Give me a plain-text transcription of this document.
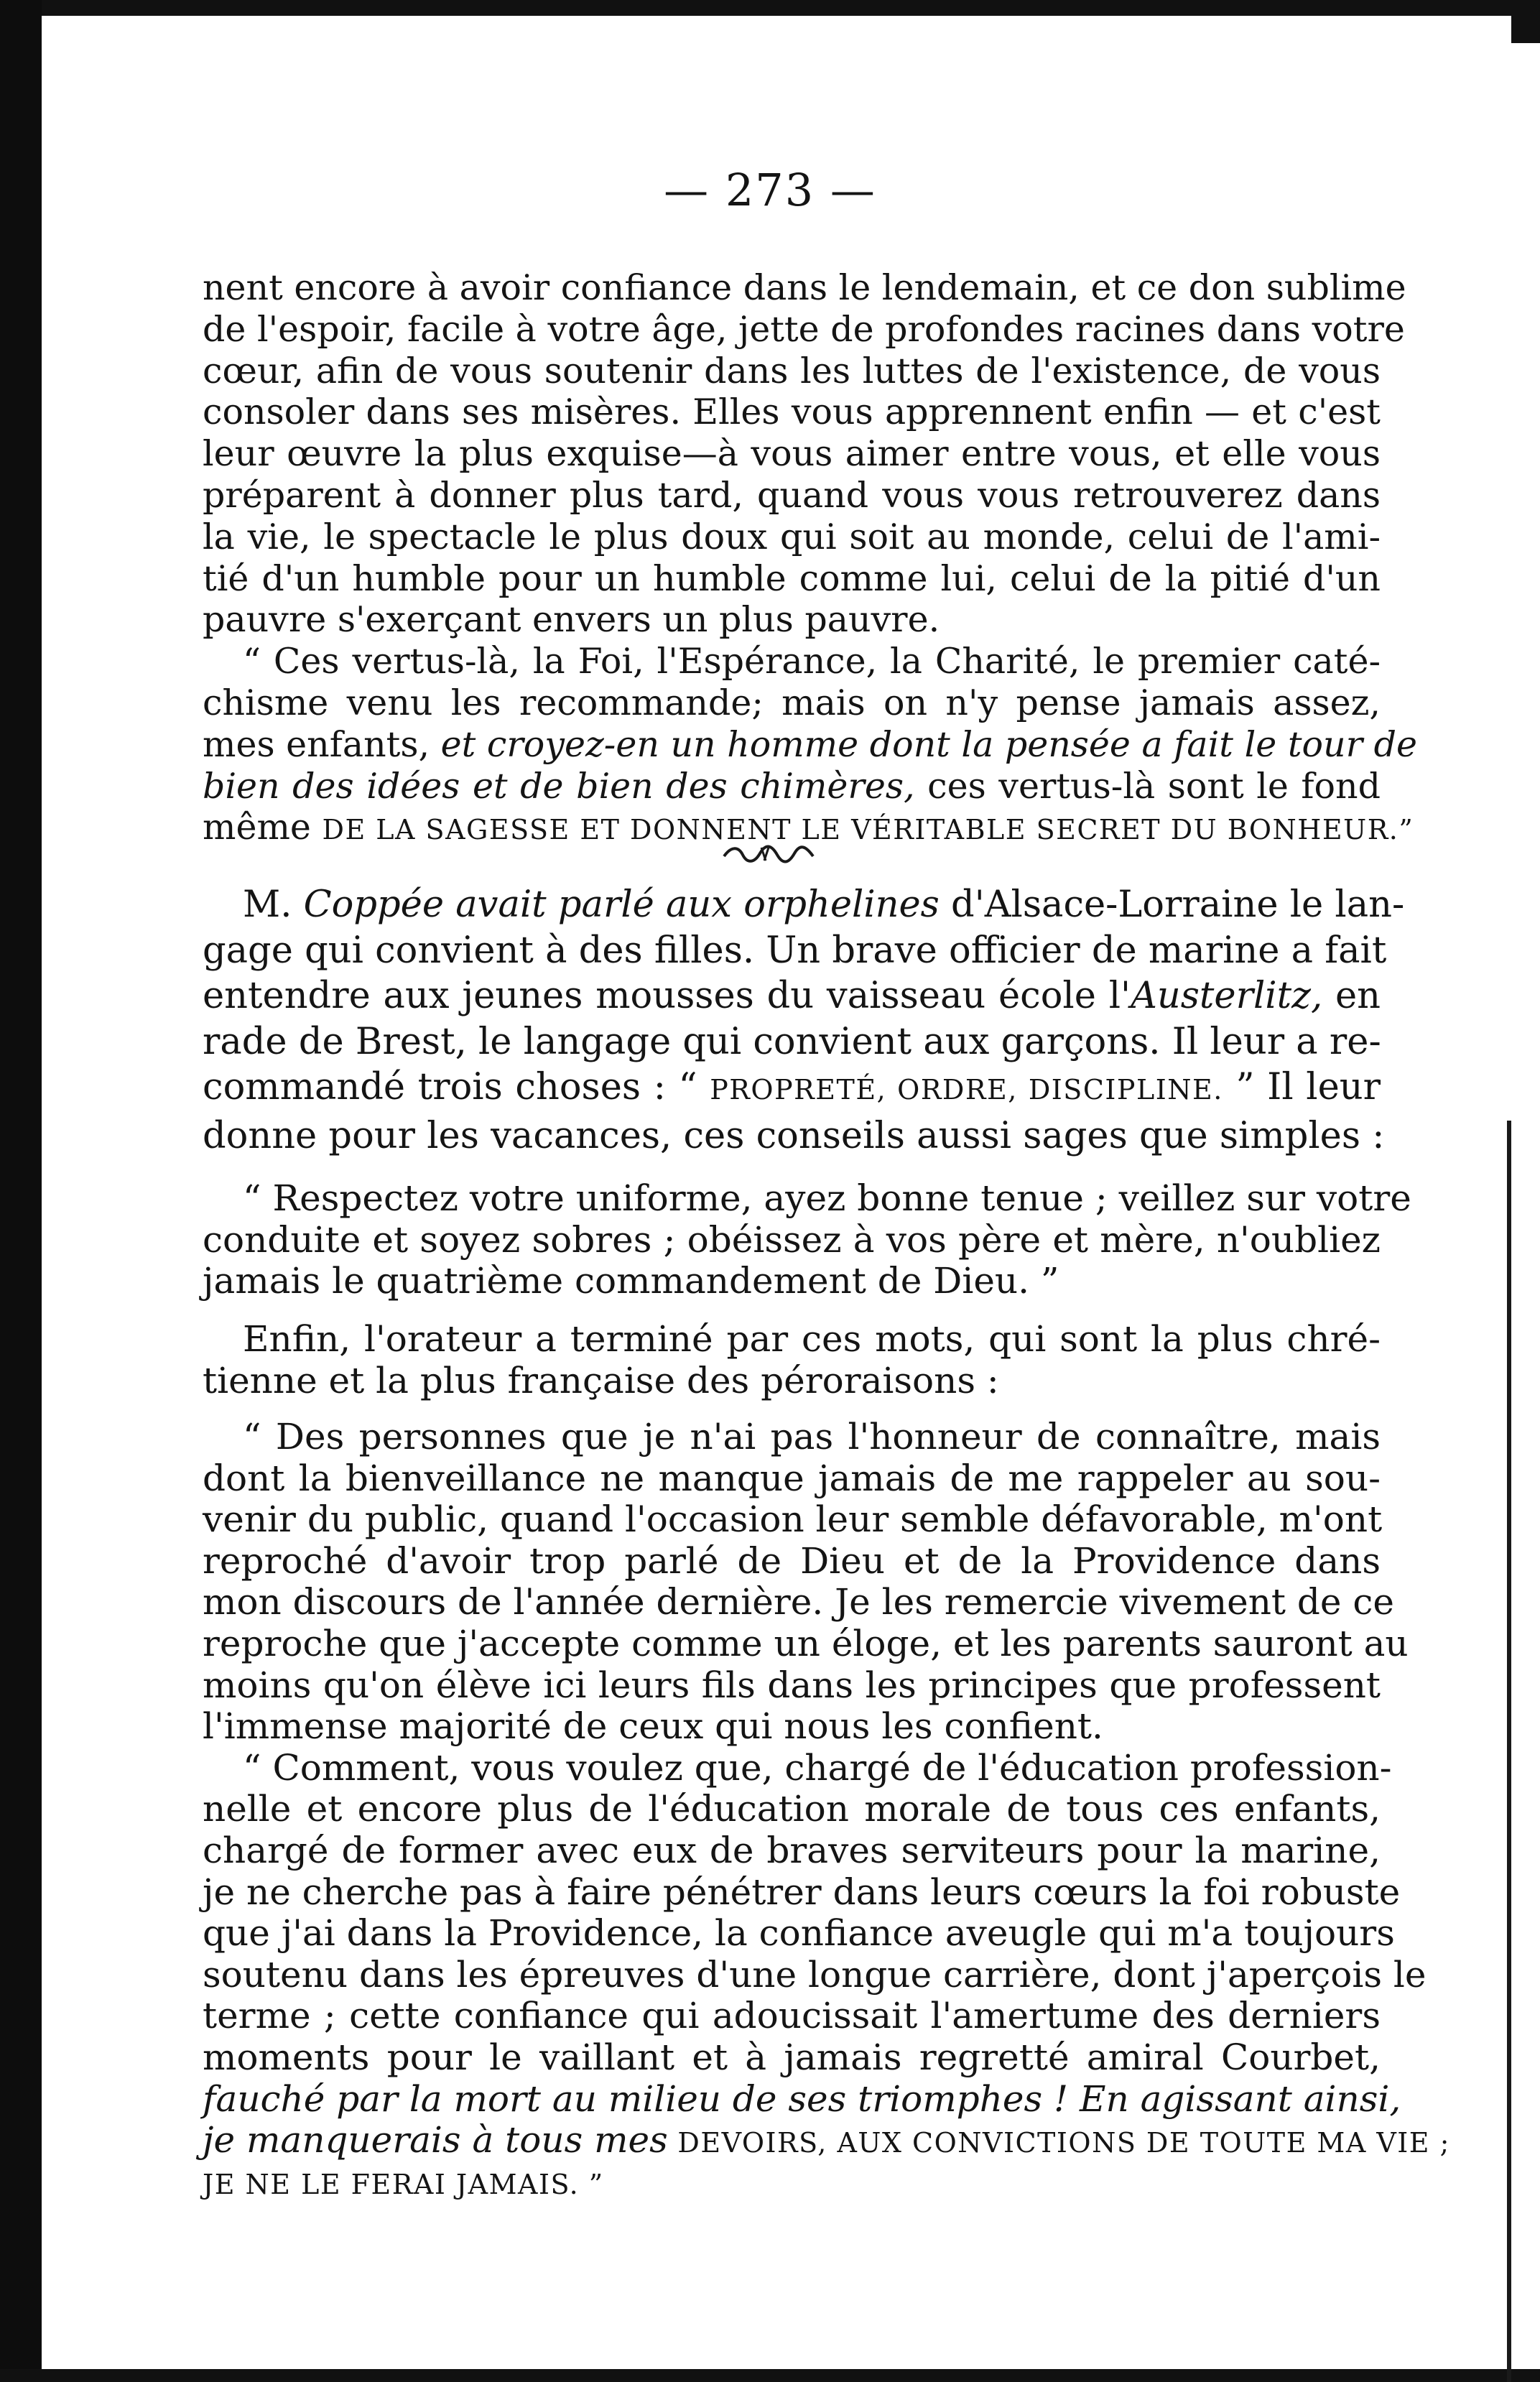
— 273 —
nent encore à avoir confiance dans le lendemain, et ce don sublime
de l'espoir, facile à votre âge, jette de profondes racines dans votre
cœur, afin de vous soutenir dans les luttes de l'existence, de vous
consoler dans ses misères. Elles vous apprennent enfin — et c'est
leur œuvre la plus exquise—à vous aimer entre vous, et elle vous
préparent à donner plus tard, quand vous vous retrouverez dans
la vie, le spectacle le plus doux qui soit au monde, celui de l'ami-
tié d'un humble pour un humble comme lui, celui de la pitié d'un
pauvre s'exerçant envers un plus pauvre.
“ Ces vertus-là, la Foi, l'Espérance, la Charité, le premier caté-
chisme venu les recommande; mais on n'y pense jamais assez,
mes enfants, et croyez-en un homme dont la pensée a fait le tour de
bien des idées et de bien des chimères, ces vertus-là sont le fond
même DE LA SAGESSE ET DONNENT LE VÉRITABLE SECRET DU BONHEUR.”
M. Coppée avait parlé aux orphelines d'Alsace-Lorraine le lan-
gage qui convient à des filles. Un brave officier de marine a fait
entendre aux jeunes mousses du vaisseau école l'Austerlitz, en
rade de Brest, le langage qui convient aux garçons. Il leur a re-
commandé trois choses : “ PROPRETÉ, ORDRE, DISCIPLINE. ” Il leur
donne pour les vacances, ces conseils aussi sages que simples :
“ Respectez votre uniforme, ayez bonne tenue ; veillez sur votre
conduite et soyez sobres ; obéissez à vos père et mère, n'oubliez
jamais le quatrième commandement de Dieu. ”
Enfin, l'orateur a terminé par ces mots, qui sont la plus chré-
tienne et la plus française des péroraisons :
“ Des personnes que je n'ai pas l'honneur de connaître, mais
dont la bienveillance ne manque jamais de me rappeler au sou-
venir du public, quand l'occasion leur semble défavorable, m'ont
reproché d'avoir trop parlé de Dieu et de la Providence dans
mon discours de l'année dernière. Je les remercie vivement de ce
reproche que j'accepte comme un éloge, et les parents sauront au
moins qu'on élève ici leurs fils dans les principes que professent
l'immense majorité de ceux qui nous les confient.
“ Comment, vous voulez que, chargé de l'éducation profession-
nelle et encore plus de l'éducation morale de tous ces enfants,
chargé de former avec eux de braves serviteurs pour la marine,
je ne cherche pas à faire pénétrer dans leurs cœurs la foi robuste
que j'ai dans la Providence, la confiance aveugle qui m'a toujours
soutenu dans les épreuves d'une longue carrière, dont j'aperçois le
terme ; cette confiance qui adoucissait l'amertume des derniers
moments pour le vaillant et à jamais regretté amiral Courbet,
fauché par la mort au milieu de ses triomphes ! En agissant ainsi,
je manquerais à tous mes DEVOIRS, AUX CONVICTIONS DE TOUTE MA VIE ;
JE NE LE FERAI JAMAIS. ”
